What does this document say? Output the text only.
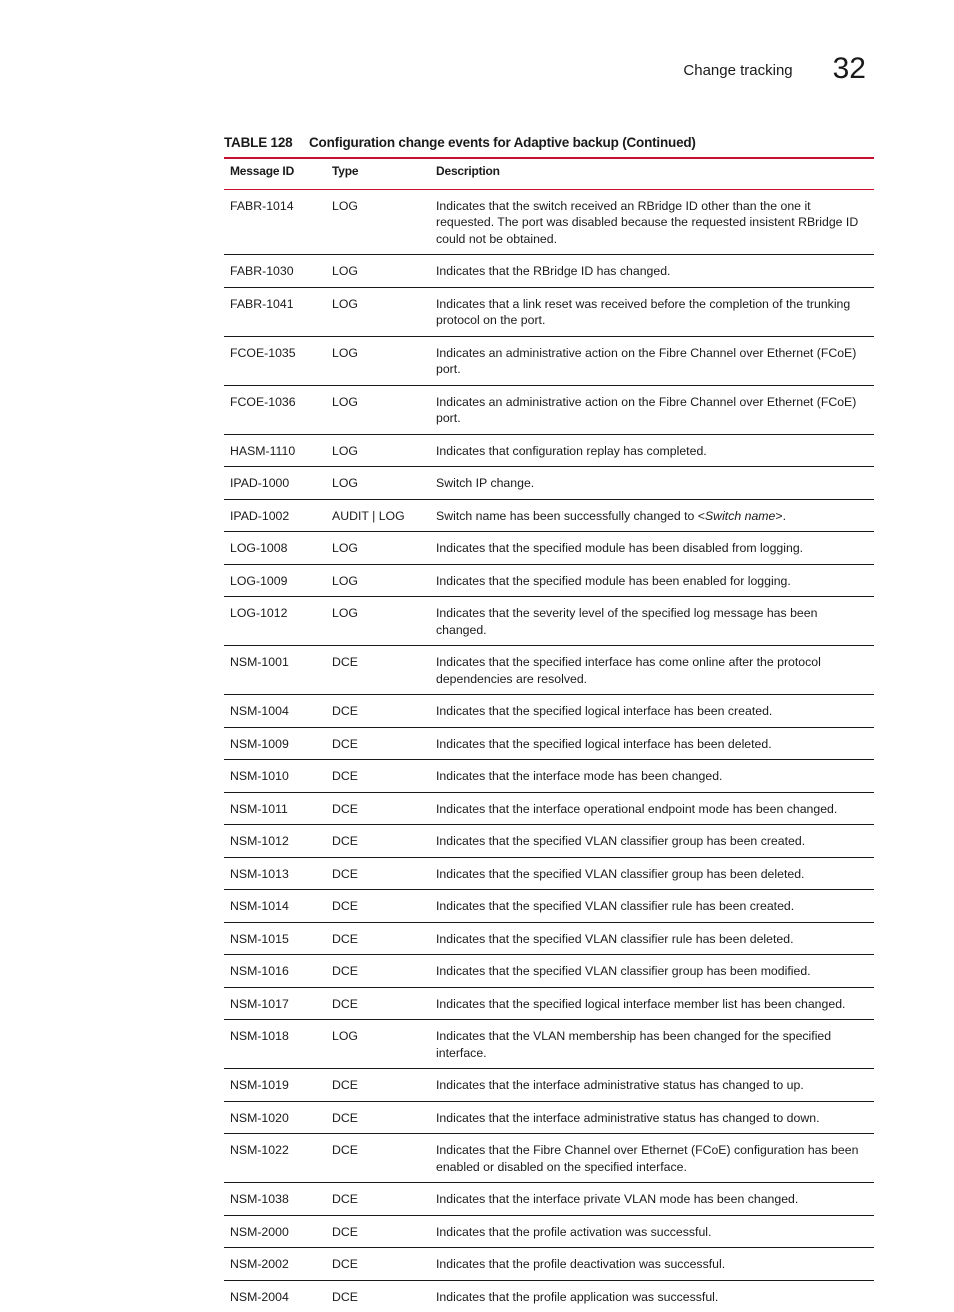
Change tracking 32
TABLE 128 Configuration change events for Adaptive backup (Continued)
Message ID	Type	Description
FABR-1014	LOG	Indicates that the switch received an RBridge ID other than the one it requested. The port was disabled because the requested insistent RBridge ID could not be obtained.
FABR-1030	LOG	Indicates that the RBridge ID has changed.
FABR-1041	LOG	Indicates that a link reset was received before the completion of the trunking protocol on the port.
FCOE-1035	LOG	Indicates an administrative action on the Fibre Channel over Ethernet (FCoE) port.
FCOE-1036	LOG	Indicates an administrative action on the Fibre Channel over Ethernet (FCoE) port.
HASM-1110	LOG	Indicates that configuration replay has completed.
IPAD-1000	LOG	Switch IP change.
IPAD-1002	AUDIT | LOG	Switch name has been successfully changed to <Switch name>.
LOG-1008	LOG	Indicates that the specified module has been disabled from logging.
LOG-1009	LOG	Indicates that the specified module has been enabled for logging.
LOG-1012	LOG	Indicates that the severity level of the specified log message has been changed.
NSM-1001	DCE	Indicates that the specified interface has come online after the protocol dependencies are resolved.
NSM-1004	DCE	Indicates that the specified logical interface has been created.
NSM-1009	DCE	Indicates that the specified logical interface has been deleted.
NSM-1010	DCE	Indicates that the interface mode has been changed.
NSM-1011	DCE	Indicates that the interface operational endpoint mode has been changed.
NSM-1012	DCE	Indicates that the specified VLAN classifier group has been created.
NSM-1013	DCE	Indicates that the specified VLAN classifier group has been deleted.
NSM-1014	DCE	Indicates that the specified VLAN classifier rule has been created.
NSM-1015	DCE	Indicates that the specified VLAN classifier rule has been deleted.
NSM-1016	DCE	Indicates that the specified VLAN classifier group has been modified.
NSM-1017	DCE	Indicates that the specified logical interface member list has been changed.
NSM-1018	LOG	Indicates that the VLAN membership has been changed for the specified interface.
NSM-1019	DCE	Indicates that the interface administrative status has changed to up.
NSM-1020	DCE	Indicates that the interface administrative status has changed to down.
NSM-1022	DCE	Indicates that the Fibre Channel over Ethernet (FCoE) configuration has been enabled or disabled on the specified interface.
NSM-1038	DCE	Indicates that the interface private VLAN mode has been changed.
NSM-2000	DCE	Indicates that the profile activation was successful.
NSM-2002	DCE	Indicates that the profile deactivation was successful.
NSM-2004	DCE	Indicates that the profile application was successful.
